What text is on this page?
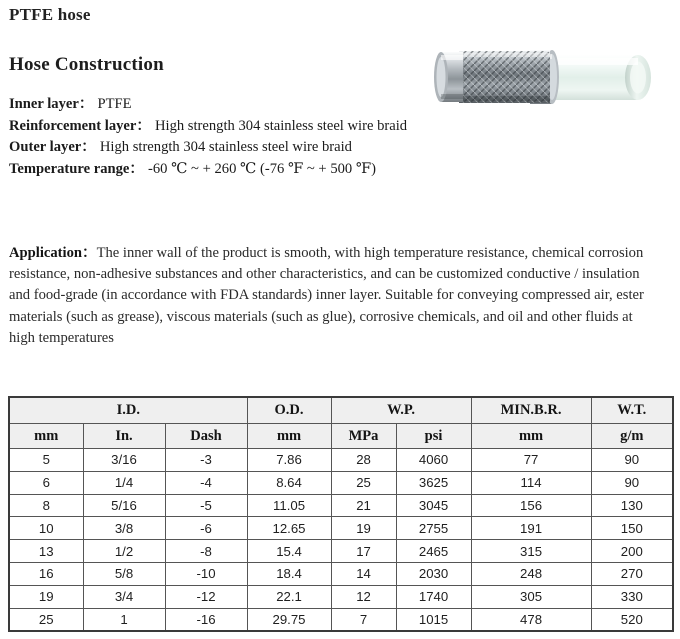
PTFE hose
Hose Construction
Inner layer： PTFE
Reinforcement layer： High strength 304 stainless steel wire braid
Outer layer： High strength 304 stainless steel wire braid
Temperature range： -60 ℃ ~ + 260 ℃ (-76 ℉ ~ + 500 ℉)
Application：The inner wall of the product is smooth, with high temperature resistance, chemical corrosion resistance, non-adhesive substances and other characteristics, and can be customized conductive / insulation and food-grade (in accordance with FDA standards) inner layer. Suitable for conveying compressed air, ester materials (such as grease), viscous materials (such as glue), corrosive chemicals, and oil and other fluids at high temperatures
I.D.			O.D.	W.P.		MIN.B.R.	W.T.
mm	In.	Dash	mm	MPa	psi	mm	g/m
5	3/16	-3	7.86	28	4060	77	90
6	1/4	-4	8.64	25	3625	114	90
8	5/16	-5	11.05	21	3045	156	130
10	3/8	-6	12.65	19	2755	191	150
13	1/2	-8	15.4	17	2465	315	200
16	5/8	-10	18.4	14	2030	248	270
19	3/4	-12	22.1	12	1740	305	330
25	1	-16	29.75	7	1015	478	520
